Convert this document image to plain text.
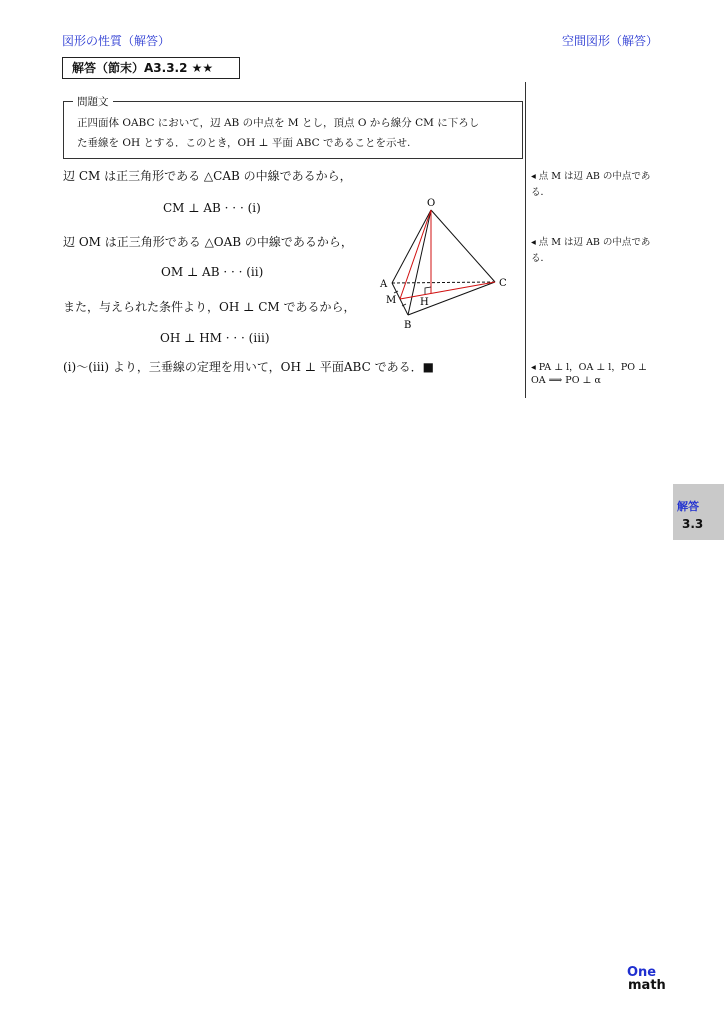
図形の性質（解答）	空間図形（解答）
解答（節末）A3.3.2 ★★
問題文
正四面体 OABC において，辺 AB の中点を M とし，頂点 O から線分 CM に下ろし
た垂線を OH とする．このとき，OH ⊥ 平面 ABC であることを示せ.
辺 CM は正三角形である △CAB の中線であるから，
CM ⊥ AB · · · (i)
辺 OM は正三角形である △OAB の中線であるから，
OM ⊥ AB · · · (ii)
また，与えられた条件より，OH ⊥ CM であるから，
OH ⊥ HM · · · (iii)
(i)〜(iii) より，三垂線の定理を用いて，OH ⊥ 平面ABC である．■
◂ 点 M は辺 AB の中点であ
る．
◂ 点 M は辺 AB の中点であ
る．
◂ PA ⊥ l，OA ⊥ l，PO ⊥
OA ⟹ PO ⊥ α
O
A
B
C
M H
解答
3.3
One
math
